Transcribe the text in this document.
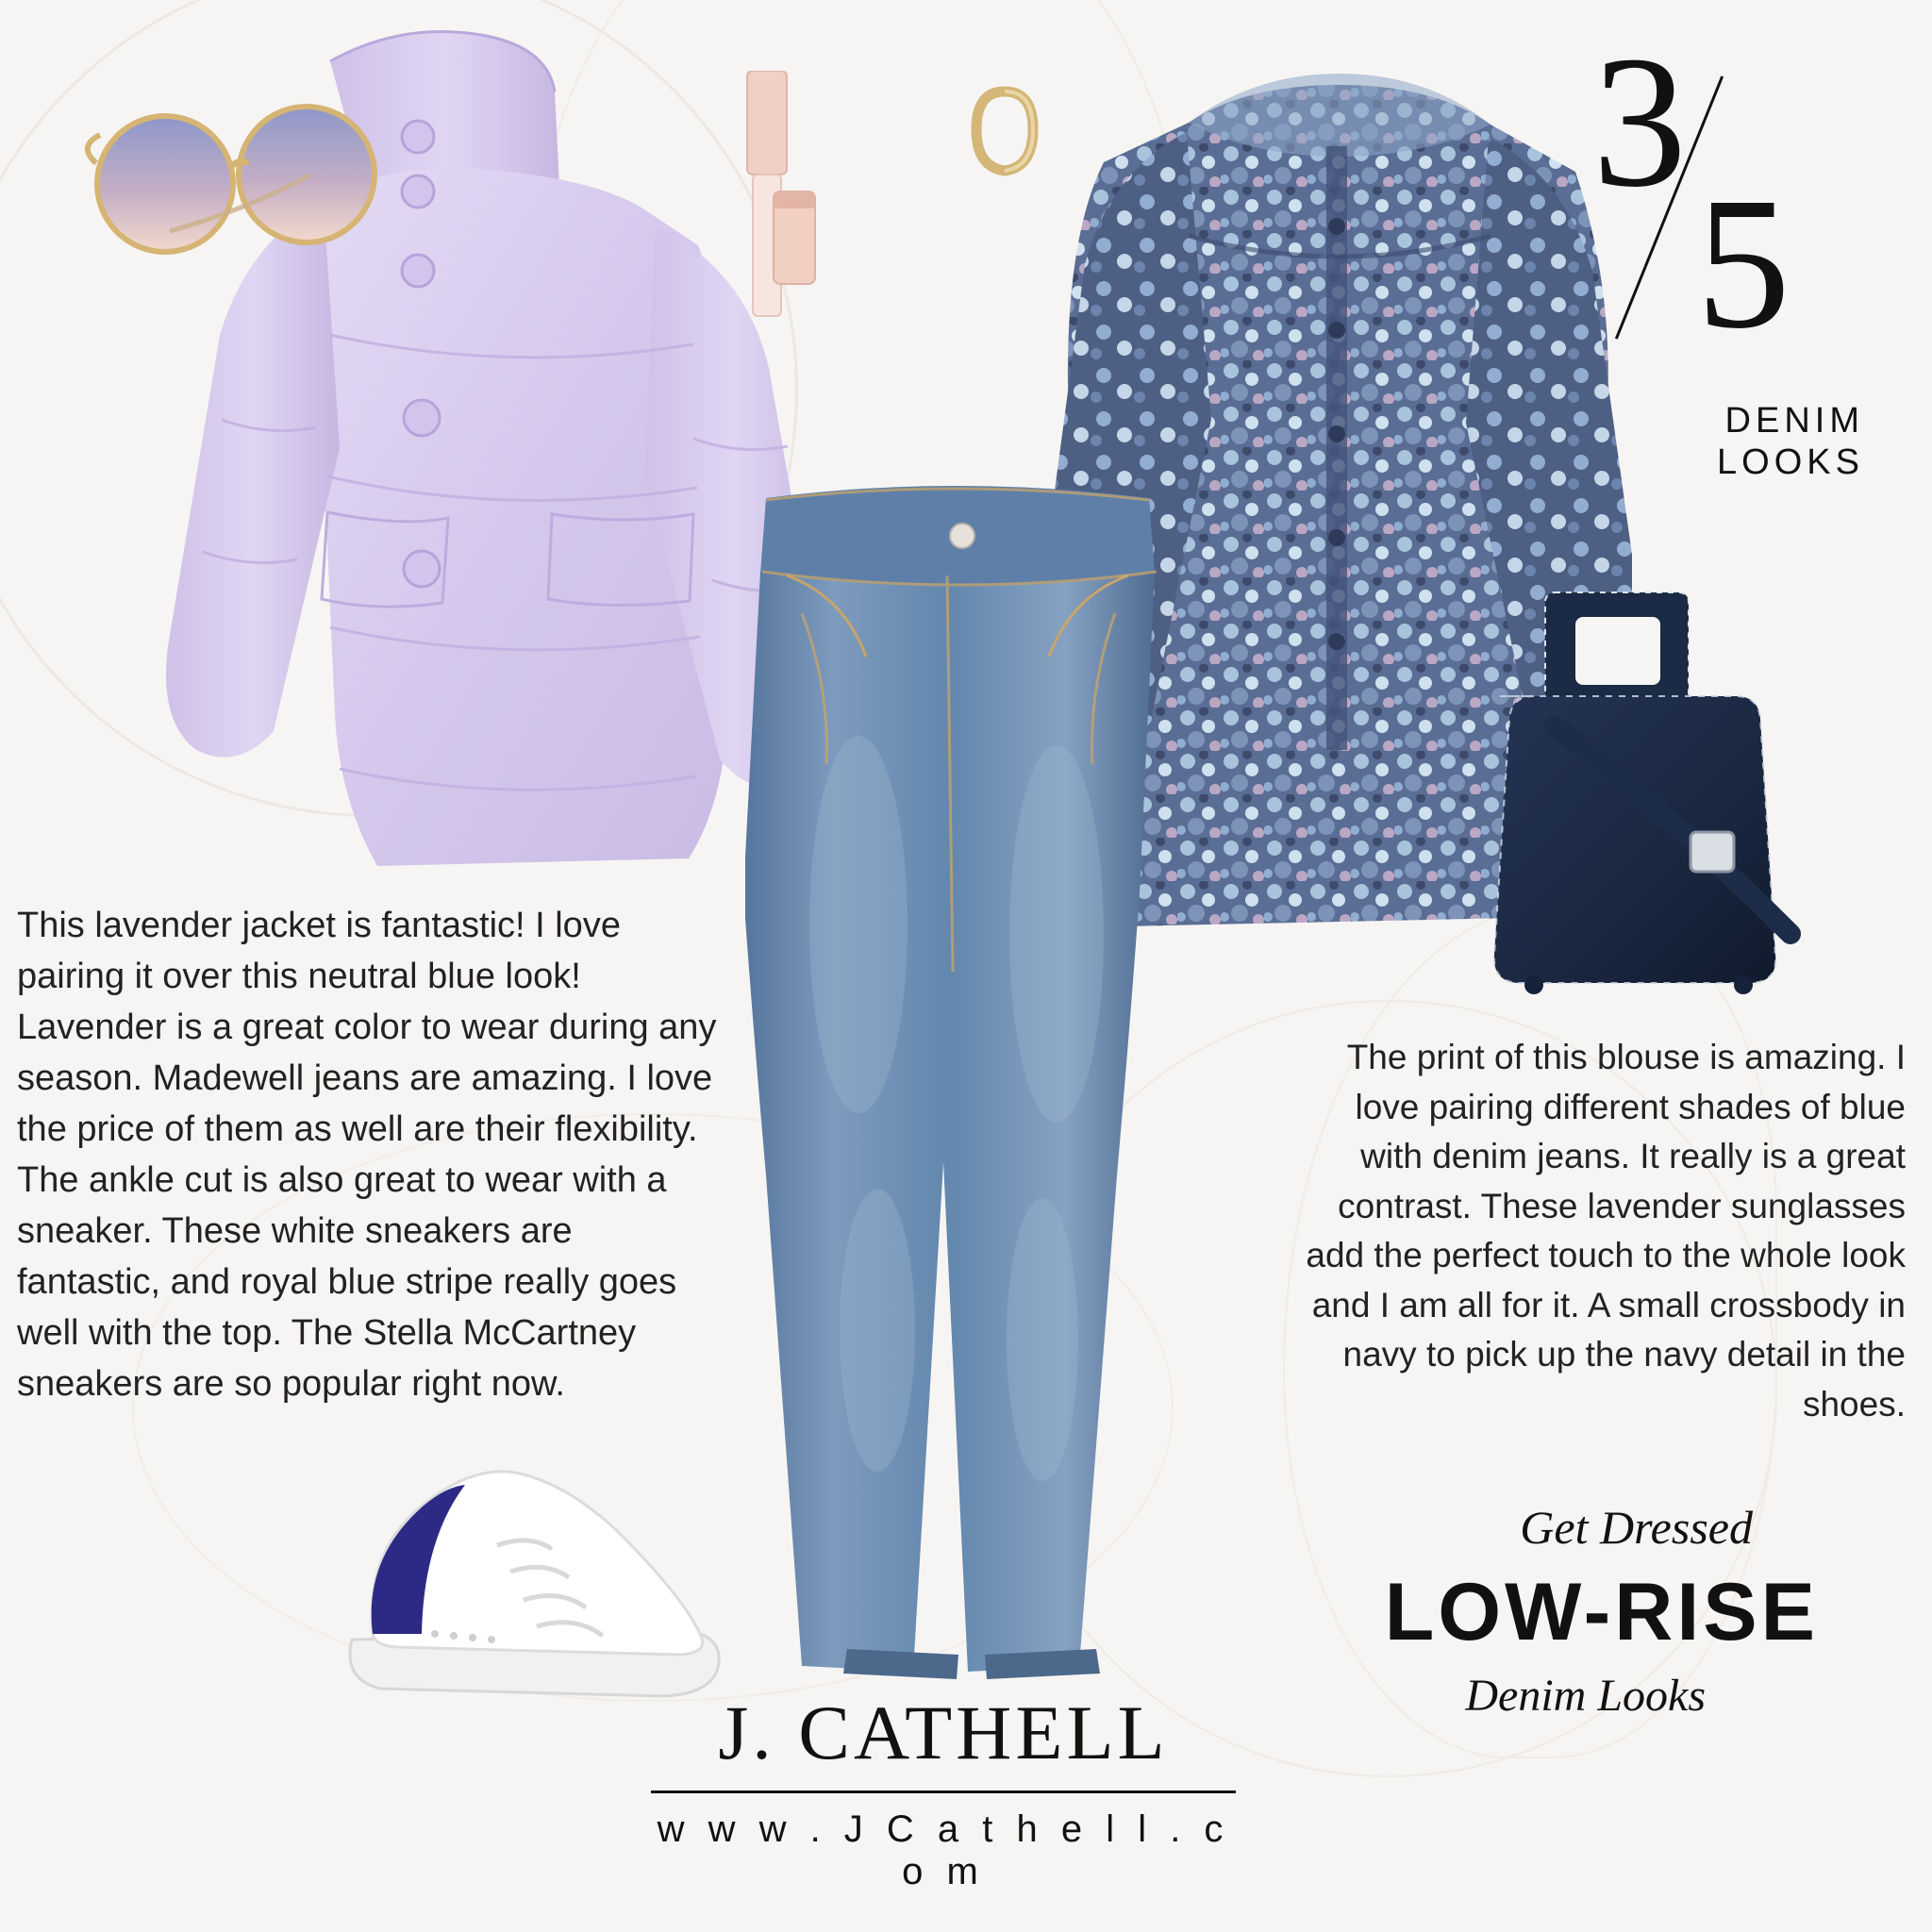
3
5
DENIM
LOOKS
This lavender jacket is fantastic! I love pairing it over this neutral blue look! Lavender is a great color to wear during any season. Madewell jeans are amazing. I love the price of them as well are their flexibility. The ankle cut is also great to wear with a sneaker. These white sneakers are fantastic, and royal blue stripe really goes well with the top. The Stella McCartney sneakers are so popular right now.
The print of this blouse is amazing. I love pairing different shades of blue with denim jeans. It really is a great contrast. These lavender sunglasses add the perfect touch to the whole look and I am all for it. A small crossbody in navy to pick up the navy detail in the shoes.
Get Dressed
LOW-RISE
Denim Looks
J. CATHELL
w w w . J C a t h e l l . c o m
